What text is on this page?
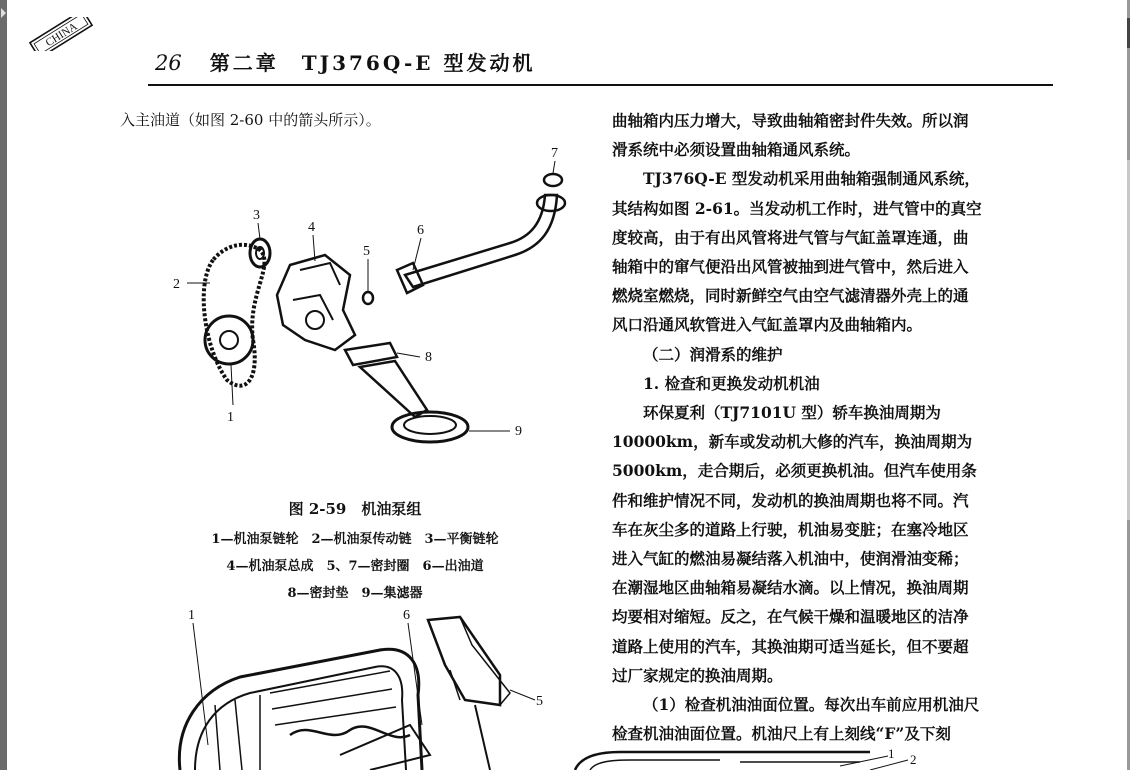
CHINA
26 第二章　TJ376Q-E 型发动机
入主油道（如图 2-60 中的箭头所示）。
1
2
3
4
5
6
7
8
9
图 2-59　机油泵组
1—机油泵链轮　2—机油泵传动链　3—平衡链轮
4—机油泵总成　5、7—密封圈　6—出油道
8—密封垫　9—集滤器
1	6
5
1 2

曲轴箱内压力增大，导致曲轴箱密封件失效。所以润

滑系统中必须设置曲轴箱通风系统。

TJ376Q-E 型发动机采用曲轴箱强制通风系统，

其结构如图 2-61。当发动机工作时，进气管中的真空

度较高，由于有出风管将进气管与气缸盖罩连通，曲

轴箱中的窜气便沿出风管被抽到进气管中，然后进入

燃烧室燃烧，同时新鲜空气由空气滤清器外壳上的通

风口沿通风软管进入气缸盖罩内及曲轴箱内。

（二）润滑系的维护

1. 检查和更换发动机机油

环保夏利（TJ7101U 型）轿车换油周期为

10000km，新车或发动机大修的汽车，换油周期为

5000km，走合期后，必须更换机油。但汽车使用条

件和维护情况不同，发动机的换油周期也将不同。汽

车在灰尘多的道路上行驶，机油易变脏；在塞冷地区

进入气缸的燃油易凝结落入机油中，使润滑油变稀；

在潮湿地区曲轴箱易凝结水滴。以上情况，换油周期

均要相对缩短。反之，在气候干燥和温暖地区的洁净

道路上使用的汽车，其换油期可适当延长，但不要超

过厂家规定的换油周期。

（1）检查机油油面位置。每次出车前应用机油尺

检查机油油面位置。机油尺上有上刻线“F”及下刻
